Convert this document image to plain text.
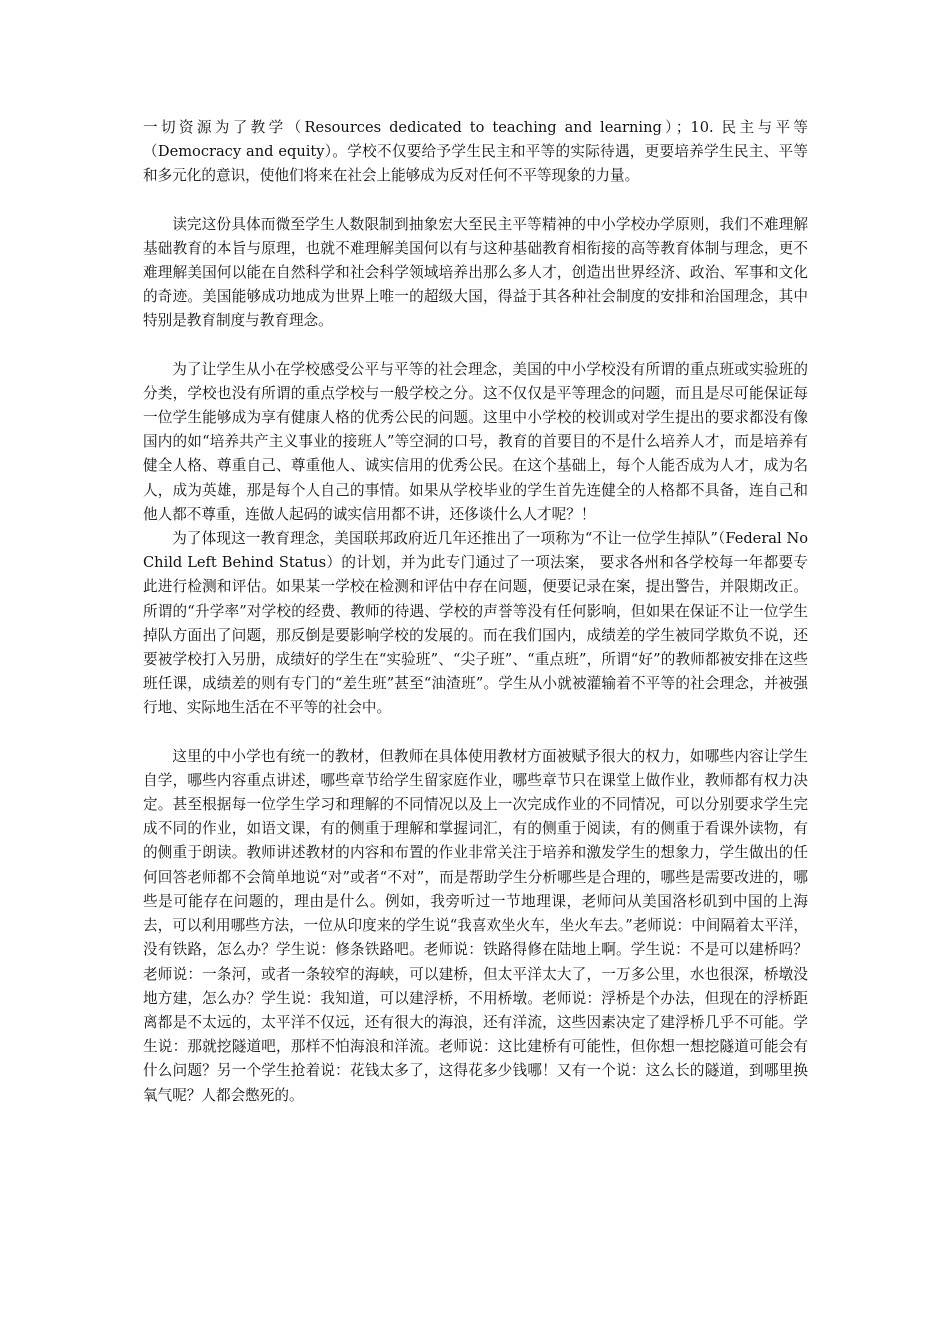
一切资源为了教学（Resources dedicated to teaching and learning）；10. 民主与平等（Democracy and equity）。学校不仅要给予学生民主和平等的实际待遇，更要培养学生民主、平等和多元化的意识，使他们将来在社会上能够成为反对任何不平等现象的力量。

读完这份具体而微至学生人数限制到抽象宏大至民主平等精神的中小学校办学原则，我们不难理解基础教育的本旨与原理，也就不难理解美国何以有与这种基础教育相衔接的高等教育体制与理念，更不难理解美国何以能在自然科学和社会科学领域培养出那么多人才，创造出世界经济、政治、军事和文化的奇迹。美国能够成功地成为世界上唯一的超级大国，得益于其各种社会制度的安排和治国理念，其中特别是教育制度与教育理念。

为了让学生从小在学校感受公平与平等的社会理念，美国的中小学校没有所谓的重点班或实验班的分类，学校也没有所谓的重点学校与一般学校之分。这不仅仅是平等理念的问题，而且是尽可能保证每一位学生能够成为享有健康人格的优秀公民的问题。这里中小学校的校训或对学生提出的要求都没有像国内的如“培养共产主义事业的接班人”等空洞的口号，教育的首要目的不是什么培养人才，而是培养有健全人格、尊重自己、尊重他人、诚实信用的优秀公民。在这个基础上，每个人能否成为人才，成为名人，成为英雄，那是每个人自己的事情。如果从学校毕业的学生首先连健全的人格都不具备，连自己和他人都不尊重，连做人起码的诚实信用都不讲，还侈谈什么人才呢？！

为了体现这一教育理念，美国联邦政府近几年还推出了一项称为“不让一位学生掉队”（Federal No Child Left Behind Status）的计划，并为此专门通过了一项法案， 要求各州和各学校每一年都要专此进行检测和评估。如果某一学校在检测和评估中存在问题，便要记录在案，提出警告，并限期改正。所谓的“升学率”对学校的经费、教师的待遇、学校的声誉等没有任何影响，但如果在保证不让一位学生掉队方面出了问题，那反倒是要影响学校的发展的。而在我们国内，成绩差的学生被同学欺负不说，还要被学校打入另册，成绩好的学生在“实验班”、“尖子班”、“重点班”，所谓“好”的教师都被安排在这些班任课，成绩差的则有专门的“差生班”甚至“油渣班”。学生从小就被灌输着不平等的社会理念，并被强行地、实际地生活在不平等的社会中。

这里的中小学也有统一的教材，但教师在具体使用教材方面被赋予很大的权力，如哪些内容让学生自学，哪些内容重点讲述，哪些章节给学生留家庭作业，哪些章节只在课堂上做作业，教师都有权力决定。甚至根据每一位学生学习和理解的不同情况以及上一次完成作业的不同情况，可以分别要求学生完成不同的作业，如语文课，有的侧重于理解和掌握词汇，有的侧重于阅读，有的侧重于看课外读物，有的侧重于朗读。教师讲述教材的内容和布置的作业非常关注于培养和激发学生的想象力，学生做出的任何回答老师都不会简单地说“对”或者“不对”，而是帮助学生分析哪些是合理的，哪些是需要改进的，哪些是可能存在问题的，理由是什么。例如，我旁听过一节地理课，老师问从美国洛杉矶到中国的上海去，可以利用哪些方法，一位从印度来的学生说“我喜欢坐火车，坐火车去。”老师说：中间隔着太平洋，没有铁路，怎么办？学生说：修条铁路吧。老师说：铁路得修在陆地上啊。学生说：不是可以建桥吗？老师说：一条河，或者一条较窄的海峡，可以建桥，但太平洋太大了，一万多公里，水也很深，桥墩没地方建，怎么办？学生说：我知道，可以建浮桥，不用桥墩。老师说：浮桥是个办法，但现在的浮桥距离都是不太远的，太平洋不仅远，还有很大的海浪，还有洋流，这些因素决定了建浮桥几乎不可能。学生说：那就挖隧道吧，那样不怕海浪和洋流。老师说：这比建桥有可能性，但你想一想挖隧道可能会有什么问题？另一个学生抢着说：花钱太多了，这得花多少钱哪！又有一个说：这么长的隧道，到哪里换氧气呢？人都会憋死的。
